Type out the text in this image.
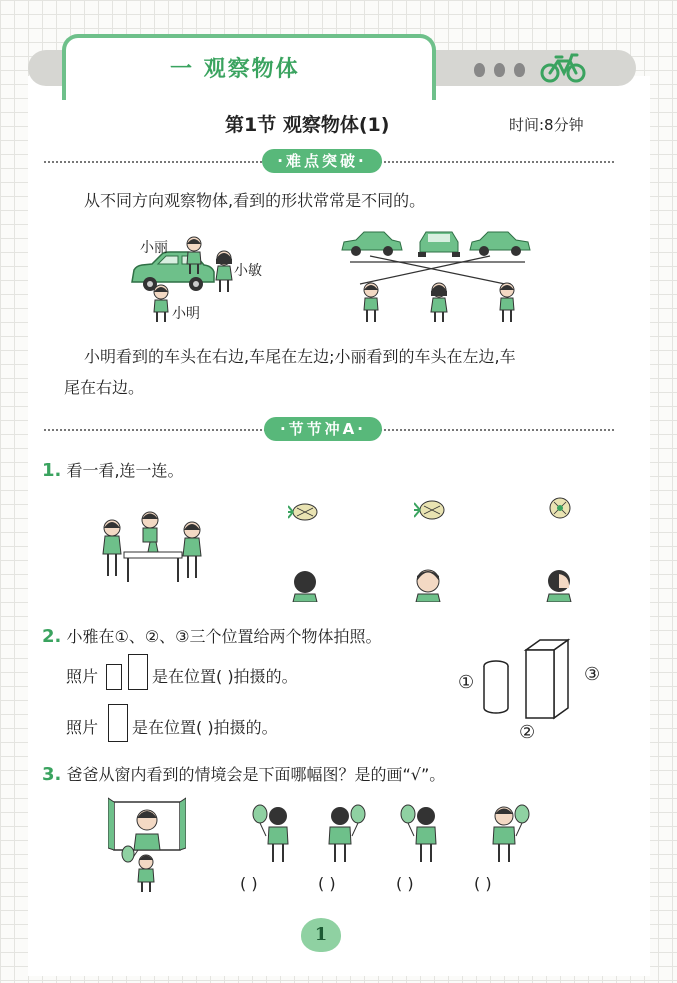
一 观察物体
第1节 观察物体(1)	时间:8分钟
·难点突破·
从不同方向观察物体,看到的形状常常是不同的。
小丽
小敏
小明
小明看到的车头在右边,车尾在左边;小丽看到的车头在左边,车
尾在右边。
·节节冲A·
1. 看一看,连一连。
2. 小雅在①、②、③三个位置给两个物体拍照。
照片	是在位置( )拍摄的。
照片 是在位置( )拍摄的。
①	③
②
3. 爸爸从窗内看到的情境会是下面哪幅图？是的画“√”。
( )	( )	( )	( )
1
